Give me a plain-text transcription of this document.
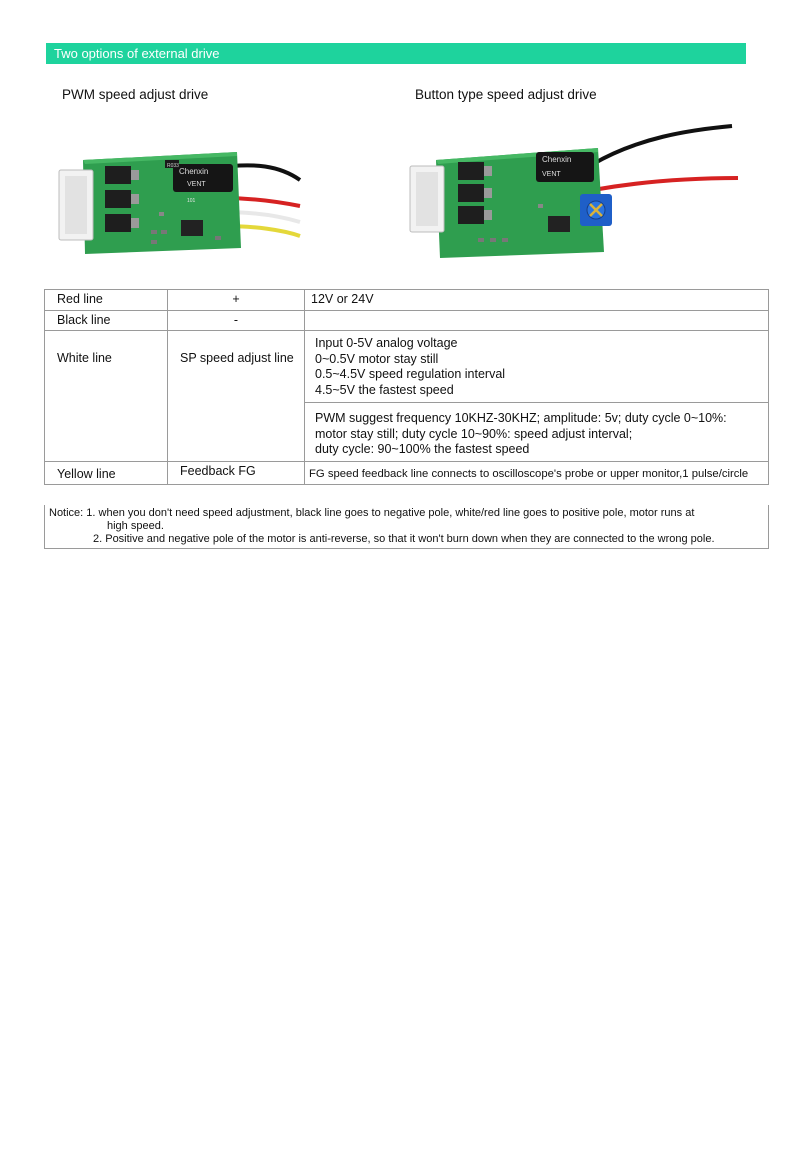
Two options of external drive
PWM speed adjust drive	Button type speed adjust drive
Chenxin
VENT
R033
101
Chenxin
VENT
Red line	+	12V or 24V
Black line	-	
White line	SP speed adjust line	Input 0-5V analog voltage
0~0.5V motor stay still
0.5~4.5V speed regulation interval
4.5~5V the fastest speed

		PWM suggest frequency 10KHZ-30KHZ; amplitude: 5v; duty cycle 0~10%:
motor stay still; duty cycle 10~90%: speed adjust interval;
duty cycle: 90~100% the fastest speed

Yellow line	Feedback FG	FG speed feedback line connects to oscilloscope's probe or upper monitor,1 pulse/circle
Notice: 1. when you don't need speed adjustment, black line goes to negative pole, white/red line goes to positive pole, motor runs at
high speed.
2. Positive and negative pole of the motor is anti-reverse, so that it won't burn down when they are connected to the wrong pole.
